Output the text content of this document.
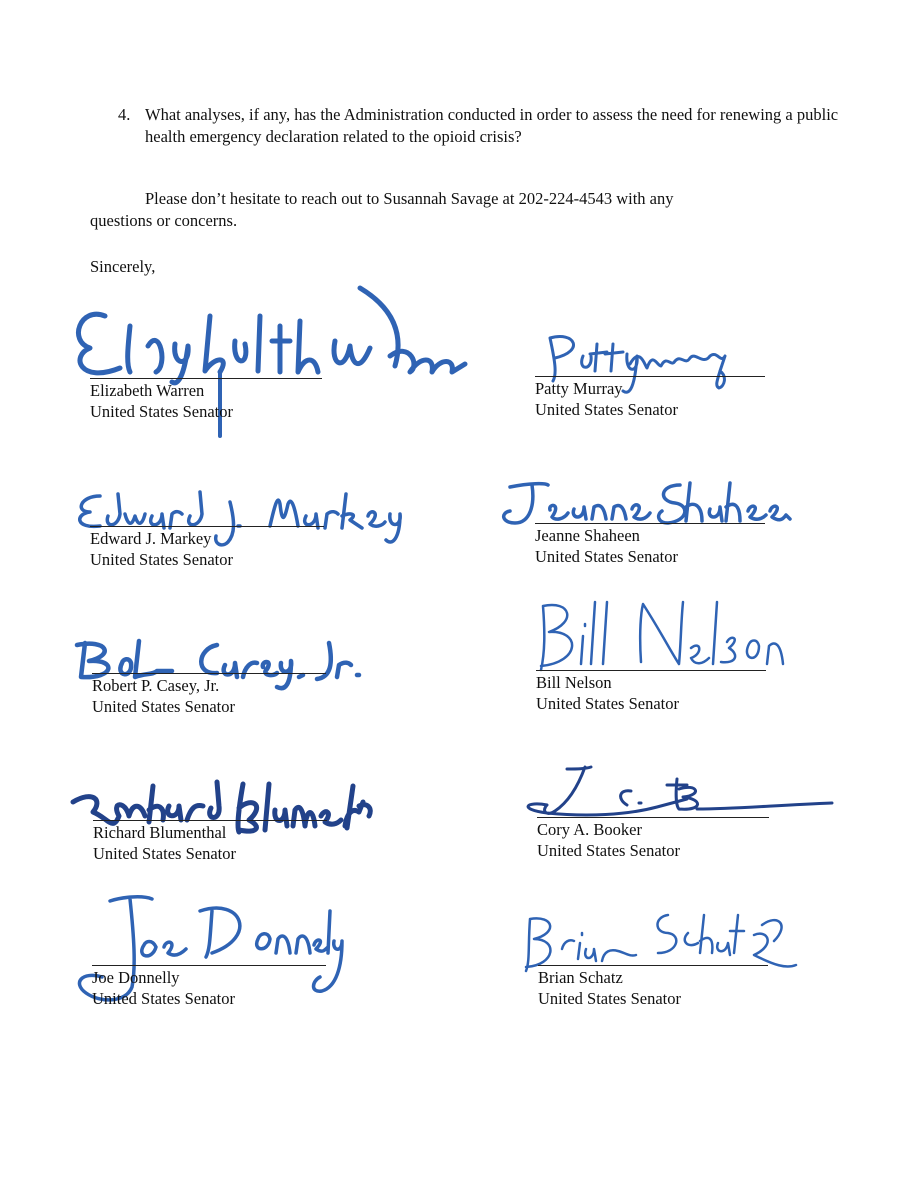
4. What analyses, if any, has the Administration conducted in order to assess the need for renewing a public health emergency declaration related to the opioid crisis?
Please don’t hesitate to reach out to Susannah Savage at 202-224-4543 with any
questions or concerns.
Sincerely,
Elizabeth Warren
United States Senator
Patty Murray
United States Senator
Edward J. Markey
United States Senator
Jeanne Shaheen
United States Senator
Robert P. Casey, Jr.
United States Senator
Bill Nelson
United States Senator
Richard Blumenthal
United States Senator
Cory A. Booker
United States Senator
Joe Donnelly
United States Senator
Brian Schatz
United States Senator
